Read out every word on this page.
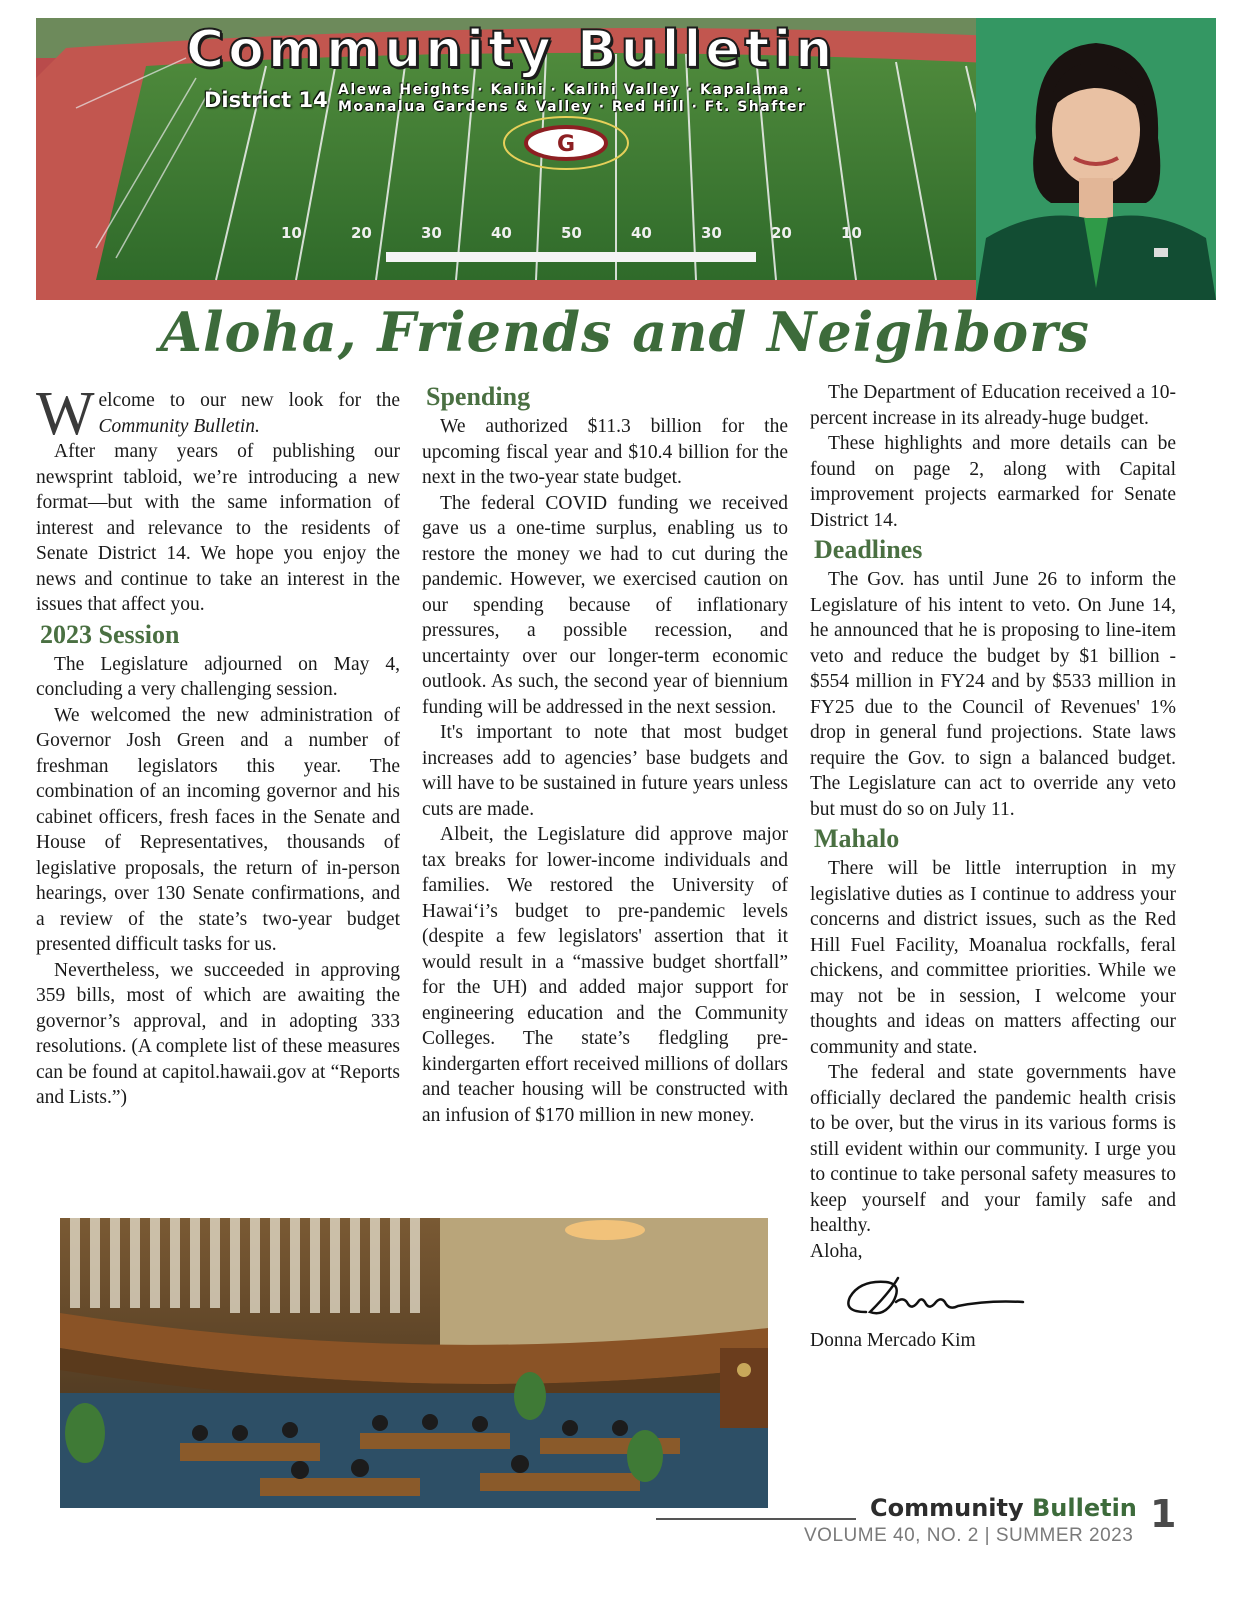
G
10	20	30	40	50	40	30	20	10
Community Bulletin
District 14 Alewa Heights · Kalihi · Kalihi Valley · Kapalama ·
Moanalua Gardens & Valley · Red Hill · Ft. Shafter
Aloha, Friends and Neighbors

Welcome to our new look for the Community Bulletin.

After many years of publishing our newsprint tabloid, we’re introducing a new format—but with the same information of interest and relevance to the residents of Senate District 14. We hope you enjoy the news and continue to take an interest in the issues that affect you.

2023 Session

The Legislature adjourned on May 4, concluding a very challenging session.

We welcomed the new administration of Governor Josh Green and a number of freshman legislators this year. The combination of an incoming governor and his cabinet officers, fresh faces in the Senate and House of Representatives, thousands of legislative proposals, the return of in-person hearings, over 130 Senate confirmations, and a review of the state’s two-year budget presented difficult tasks for us.

Nevertheless, we succeeded in approving 359 bills, most of which are awaiting the governor’s approval, and in adopting 333 resolutions. (A complete list of these measures can be found at capitol.hawaii.gov at “Reports and Lists.”)

Spending

We authorized $11.3 billion for the upcoming fiscal year and $10.4 billion for the next in the two-year state budget.

The federal COVID funding we received gave us a one-time surplus, enabling us to restore the money we had to cut during the pandemic. However, we exercised caution on our spending because of inflationary pressures, a possible recession, and uncertainty over our longer-term economic outlook. As such, the second year of biennium funding will be addressed in the next session.

It's important to note that most budget increases add to agencies’ base budgets and will have to be sustained in future years unless cuts are made.

Albeit, the Legislature did approve major tax breaks for lower-income individuals and families. We restored the University of Hawai‘i’s budget to pre-pandemic levels (despite a few legislators' assertion that it would result in a “massive budget shortfall” for the UH) and added major support for engineering education and the Community Colleges. The state’s fledgling pre-kindergarten effort received millions of dollars and teacher housing will be constructed with an infusion of $170 million in new money.

The Department of Education received a 10-percent increase in its already-huge budget.

These highlights and more details can be found on page 2, along with Capital improvement projects earmarked for Senate District 14.

Deadlines

The Gov. has until June 26 to inform the Legislature of his intent to veto. On June 14, he announced that he is proposing to line-item veto and reduce the budget by $1 billion - $554 million in FY24 and by $533 million in FY25 due to the Council of Revenues' 1% drop in general fund projections. State laws require the Gov. to sign a balanced budget. The Legislature can act to override any veto but must do so on July 11.

Mahalo

There will be little interruption in my legislative duties as I continue to address your concerns and district issues, such as the Red Hill Fuel Facility, Moanalua rockfalls, feral chickens, and committee priorities. While we may not be in session, I welcome your thoughts and ideas on matters affecting our community and state.

The federal and state governments have officially declared the pandemic health crisis to be over, but the virus in its various forms is still evident within our community. I urge you to continue to take personal safety measures to keep yourself and your family safe and healthy.

Aloha,

Donna Mercado Kim

Community Bulletin
VOLUME 40, NO. 2 | SUMMER 2023 1
